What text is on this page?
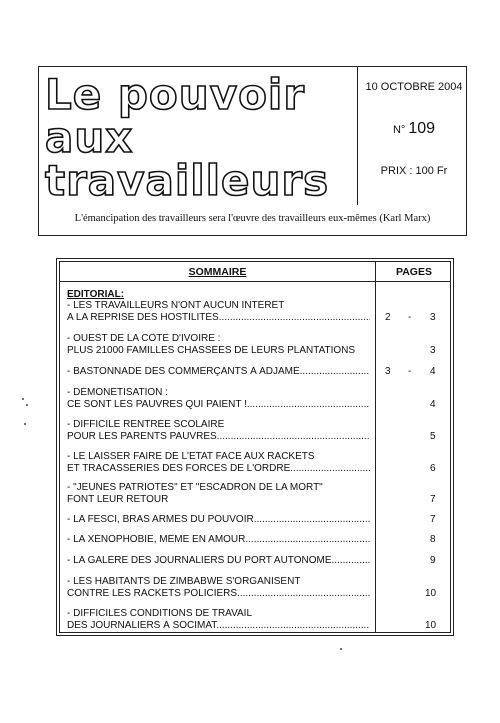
Le pouvoir
aux
travailleurs
10 OCTOBRE 2004
N° 109
PRIX : 100 Fr
L'émancipation des travailleurs sera l'œuvre des travailleurs eux-mêmes (Karl Marx)
SOMMAIRE	PAGES
EDITORIAL:
- LES TRAVAILLEURS N'ONT AUCUN INTÉRÊT
A LA REPRISE DES HOSTILITÉS .....	2 - 3
- OUEST DE LA CÔTE D'IVOIRE :
PLUS 21000 FAMILLES CHASSÉES DE LEURS PLANTATIONS	3
- BASTONNADE DES COMMERÇANTS À ADJAMÉ .....	3 - 4
- DÉMONÉTISATION :
CE SONT LES PAUVRES QUI PAIENT ! .....	4
- DIFFICILE RENTRÉE SCOLAIRE
POUR LES PARENTS PAUVRES .....	5
- LE LAISSER FAIRE DE L'ETAT FACE AUX RACKETS
ET TRACASSERIES DES FORCES DE L'ORDRE .....	6
- "JEUNES PATRIOTES" ET "ESCADRON DE LA MORT"
FONT LEUR RETOUR	7
- LA FESCI, BRAS ARMÉS DU POUVOIR .....	7
- LA XÉNOPHOBIE, MÊME EN AMOUR .....	8
- LA GALÈRE DES JOURNALIERS DU PORT AUTONOME .....	9
- LES HABITANTS DE ZIMBABWE S'ORGANISENT
CONTRE LES RACKETS POLICIERS .....	10
- DIFFICILES CONDITIONS DE TRAVAIL
DES JOURNALIERS À SOCIMAT .....	10
